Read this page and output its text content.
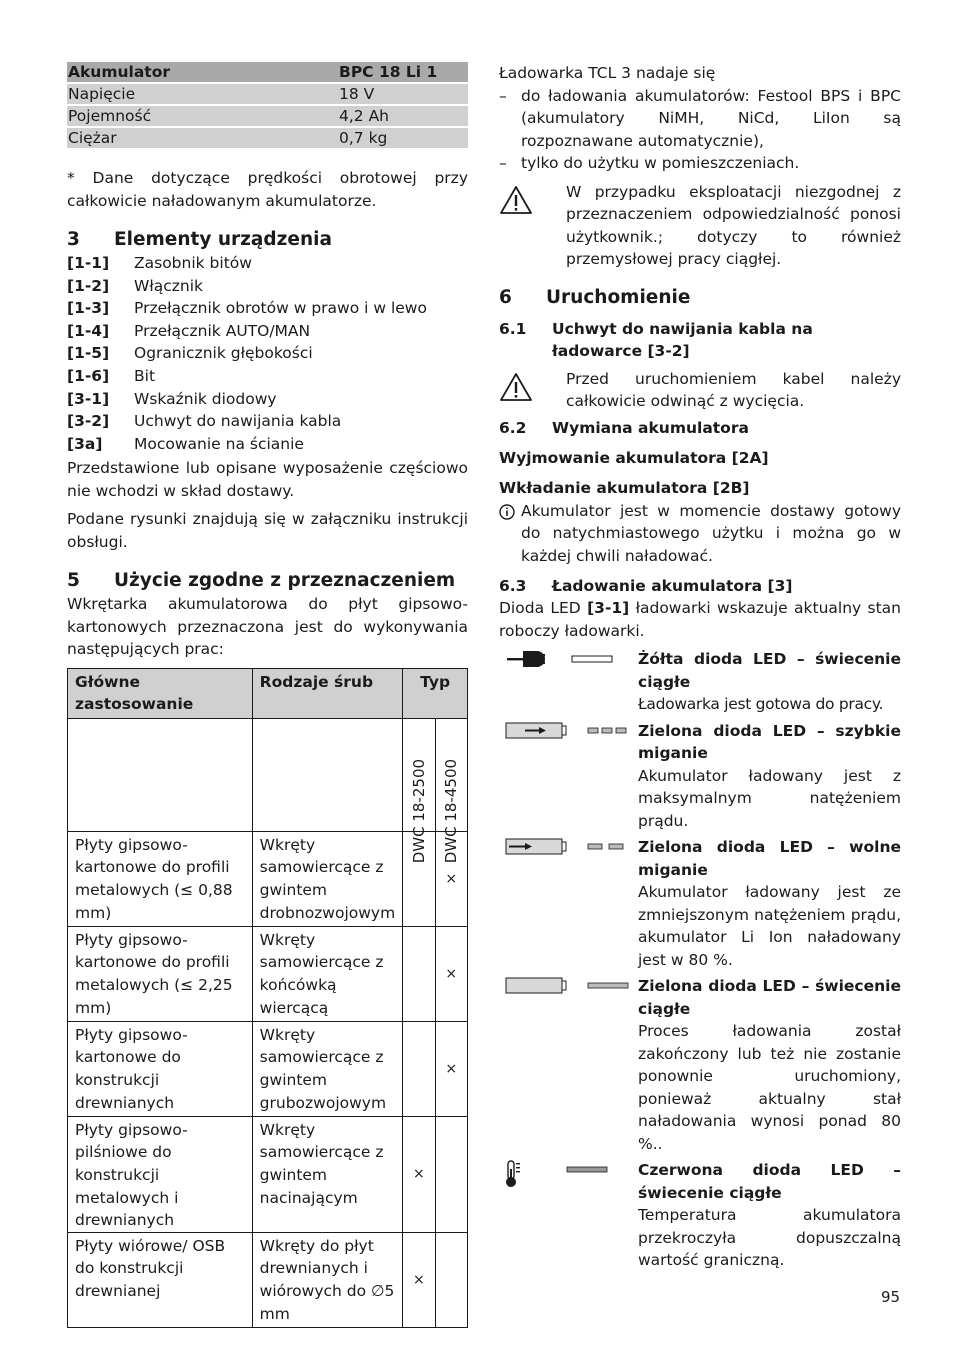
Akumulator	BPC 18 Li 1
Napięcie	18 V
Pojemność	4,2 Ah
Ciężar	0,7 kg

* Dane dotyczące prędkości obrotowej przy całkowicie naładowanym akumulatorze.

3	Elementy urządzenia
[1-1]	Zasobnik bitów
[1-2]	Włącznik
[1-3]	Przełącznik obrotów w prawo i w lewo
[1-4]	Przełącznik AUTO/MAN
[1-5]	Ogranicznik głębokości
[1-6]	Bit
[3-1]	Wskaźnik diodowy
[3-2]	Uchwyt do nawijania kabla
[3a]	Mocowanie na ścianie

Przedstawione lub opisane wyposażenie częściowo nie wchodzi w skład dostawy.

Podane rysunki znajdują się w załączniku instrukcji obsługi.

5	Użycie zgodne z przeznaczeniem

Wkrętarka akumulatorowa do płyt gipsowo-kartonowych przeznaczona jest do wykonywania następujących prac:

Główne zastosowanie	Rodzaje śrub	Typ	

		DWC 18-2500	DWC 18-4500

Płyty gipsowo-kartonowe do profili metalowych (≤ 0,88 mm)	Wkręty samowiercące z gwintem drobnozwojowym		×
Płyty gipsowo-kartonowe do profili metalowych (≤ 2,25 mm)	Wkręty samowiercące z końcówką wiercącą		×
Płyty gipsowo-kartonowe do konstrukcji drewnianych	Wkręty samowiercące z gwintem grubozwojowym		×
Płyty gipsowo-pilśniowe do konstrukcji metalowych i drewnianych	Wkręty samowiercące z gwintem nacinającym	×	
Płyty wiórowe/ OSB do konstrukcji drewnianej	Wkręty do płyt drewnianych i wiórowych do ∅5 mm	×	

Ładowarka TCL 3 nadaje się

– do ładowania akumulatorów: Festool BPS i BPC (akumulatory NiMH, NiCd, LiIon są rozpoznawane automatycznie),
– tylko do użytku w pomieszczeniach.
W przypadku eksploatacji niezgodnej z przeznaczeniem odpowiedzialność ponosi użytkownik.; dotyczy to również przemysłowej pracy ciągłej.
6	Uruchomienie
6.1	Uchwyt do nawijania kabla na ładowarce [3-2]
Przed uruchomieniem kabel należy całkowicie odwinąć z wycięcia.
6.2	Wymiana akumulatora

Wyjmowanie akumulatora [2A]

Wkładanie akumulatora [2B]

Akumulator jest w momencie dostawy gotowy do natychmiastowego użytku i można go w każdej chwili naładować.
6.3	Ładowanie akumulatora [3]

Dioda LED [3-1] ładowarki wskazuje aktualny stan roboczy ładowarki.

Żółta dioda LED – świecenie ciągłe
Ładowarka jest gotowa do pracy.
Zielona dioda LED – szybkie miganie
Akumulator ładowany jest z maksymalnym natężeniem prądu.
Zielona dioda LED – wolne miganie
Akumulator ładowany jest ze zmniejszonym natężeniem prądu, akumulator Li Ion naładowany jest w 80 %.
Zielona dioda LED – świecenie ciągłe
Proces ładowania został zakończony lub też nie zostanie ponownie uruchomiony, ponieważ aktualny stał naładowania wynosi ponad 80 %..
Czerwona dioda LED – świecenie ciągłe
Temperatura akumulatora przekroczyła dopuszczalną wartość graniczną.
95
